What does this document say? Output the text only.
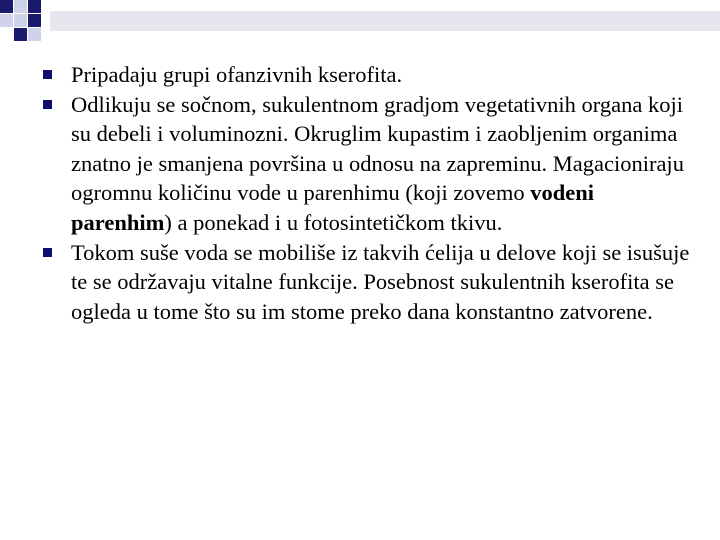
Pripadaju grupi ofanzivnih kserofita.
Odlikuju se sočnom, sukulentnom gradjom vegetativnih organa koji su debeli i voluminozni. Okruglim kupastim i zaobljenim organima znatno je smanjena površina u odnosu na zapreminu. Magacioniraju ogromnu količinu vode u parenhimu (koji zovemo vodeni parenhim) a ponekad i u fotosintetičkom tkivu.
Tokom suše voda se mobiliše iz takvih ćelija u delove koji se isušuje te se održavaju vitalne funkcije. Posebnost sukulentnih kserofita se ogleda u tome što su im stome preko dana konstantno zatvorene.
